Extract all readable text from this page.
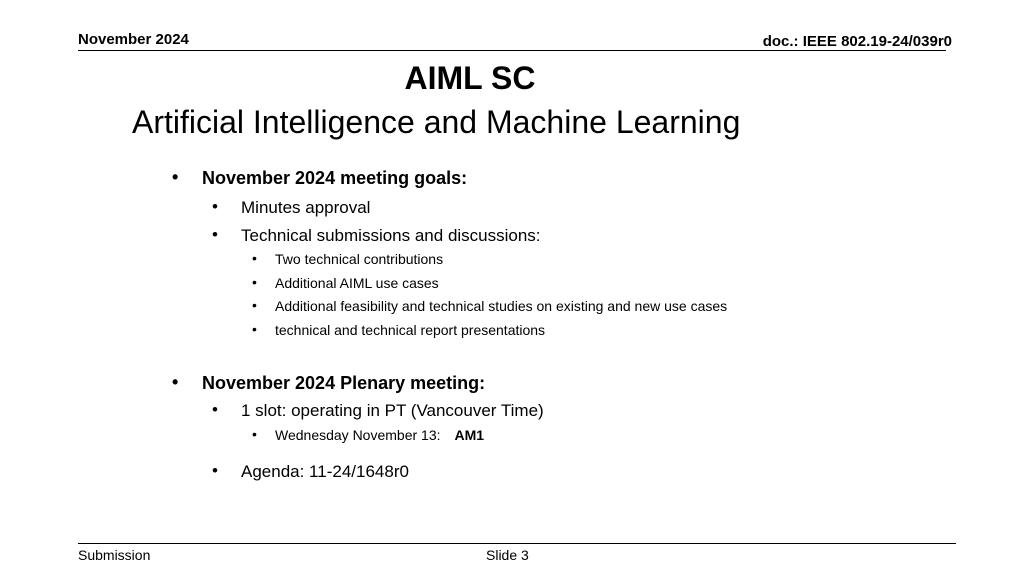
November 2024	doc.: IEEE 802.19-24/039r0
AIML SC
Artificial Intelligence and Machine Learning
• November 2024 meeting goals:
• Minutes approval
• Technical submissions and discussions:
• Two technical contributions
• Additional AIML use cases
• Additional feasibility and technical studies on existing and new use cases
• technical and technical report presentations
• November 2024 Plenary meeting:
• 1 slot: operating in PT (Vancouver Time)
• Wednesday November 13: AM1
• Agenda: 11-24/1648r0
Submission	Slide 3
